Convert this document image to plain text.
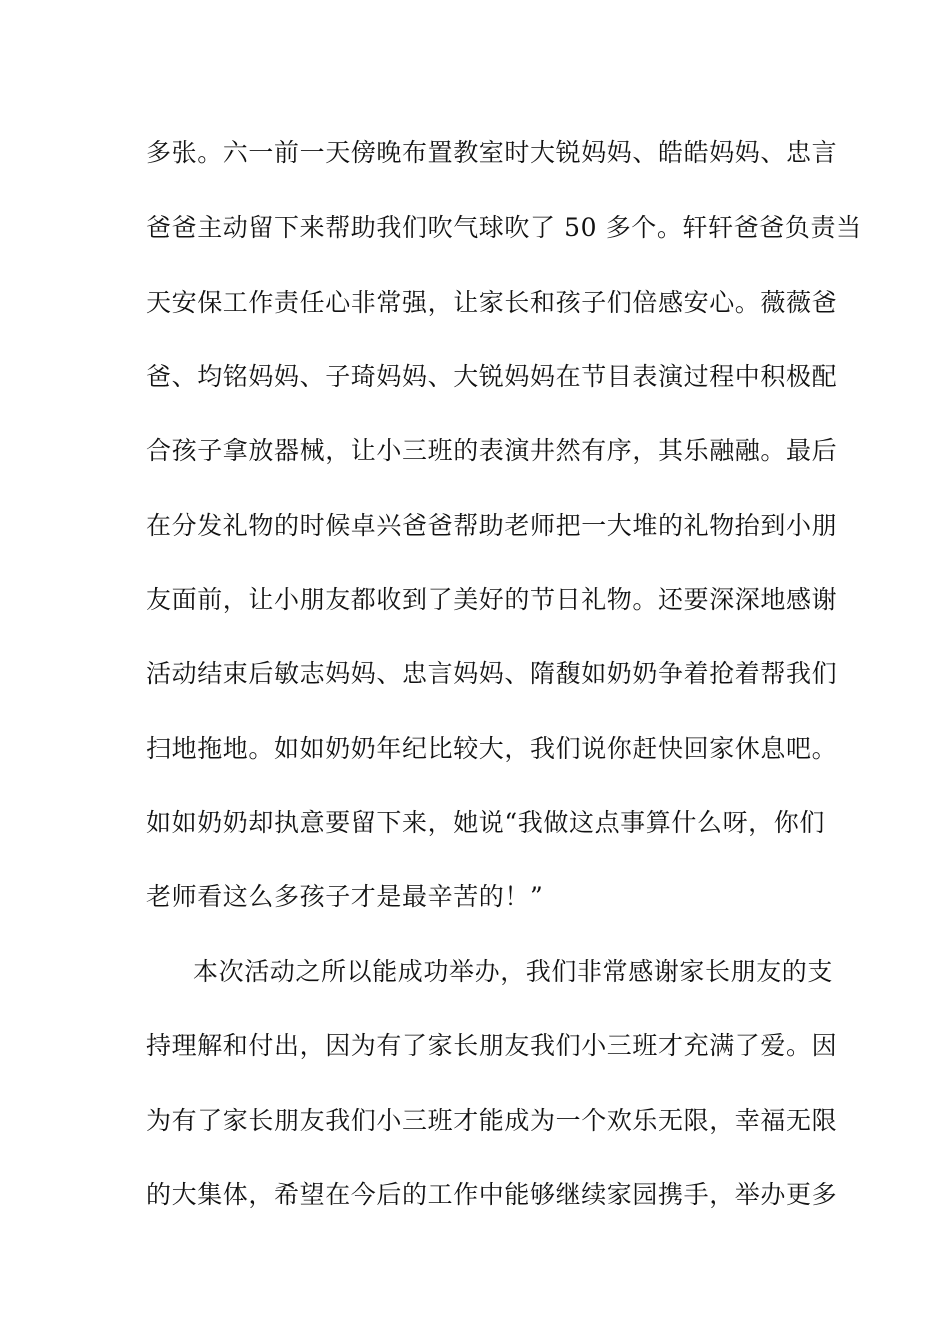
多张。六一前一天傍晚布置教室时大锐妈妈、皓皓妈妈、忠言
爸爸主动留下来帮助我们吹气球吹了 50 多个。轩轩爸爸负责当
天安保工作责任心非常强，让家长和孩子们倍感安心。薇薇爸
爸、均铭妈妈、子琦妈妈、大锐妈妈在节目表演过程中积极配
合孩子拿放器械，让小三班的表演井然有序，其乐融融。最后
在分发礼物的时候卓兴爸爸帮助老师把一大堆的礼物抬到小朋
友面前，让小朋友都收到了美好的节日礼物。还要深深地感谢
活动结束后敏志妈妈、忠言妈妈、隋馥如奶奶争着抢着帮我们
扫地拖地。如如奶奶年纪比较大，我们说你赶快回家休息吧。
如如奶奶却执意要留下来，她说“我做这点事算什么呀，你们
老师看这么多孩子才是最辛苦的！”
本次活动之所以能成功举办，我们非常感谢家长朋友的支
持理解和付出，因为有了家长朋友我们小三班才充满了爱。因
为有了家长朋友我们小三班才能成为一个欢乐无限，幸福无限
的大集体，希望在今后的工作中能够继续家园携手，举办更多
